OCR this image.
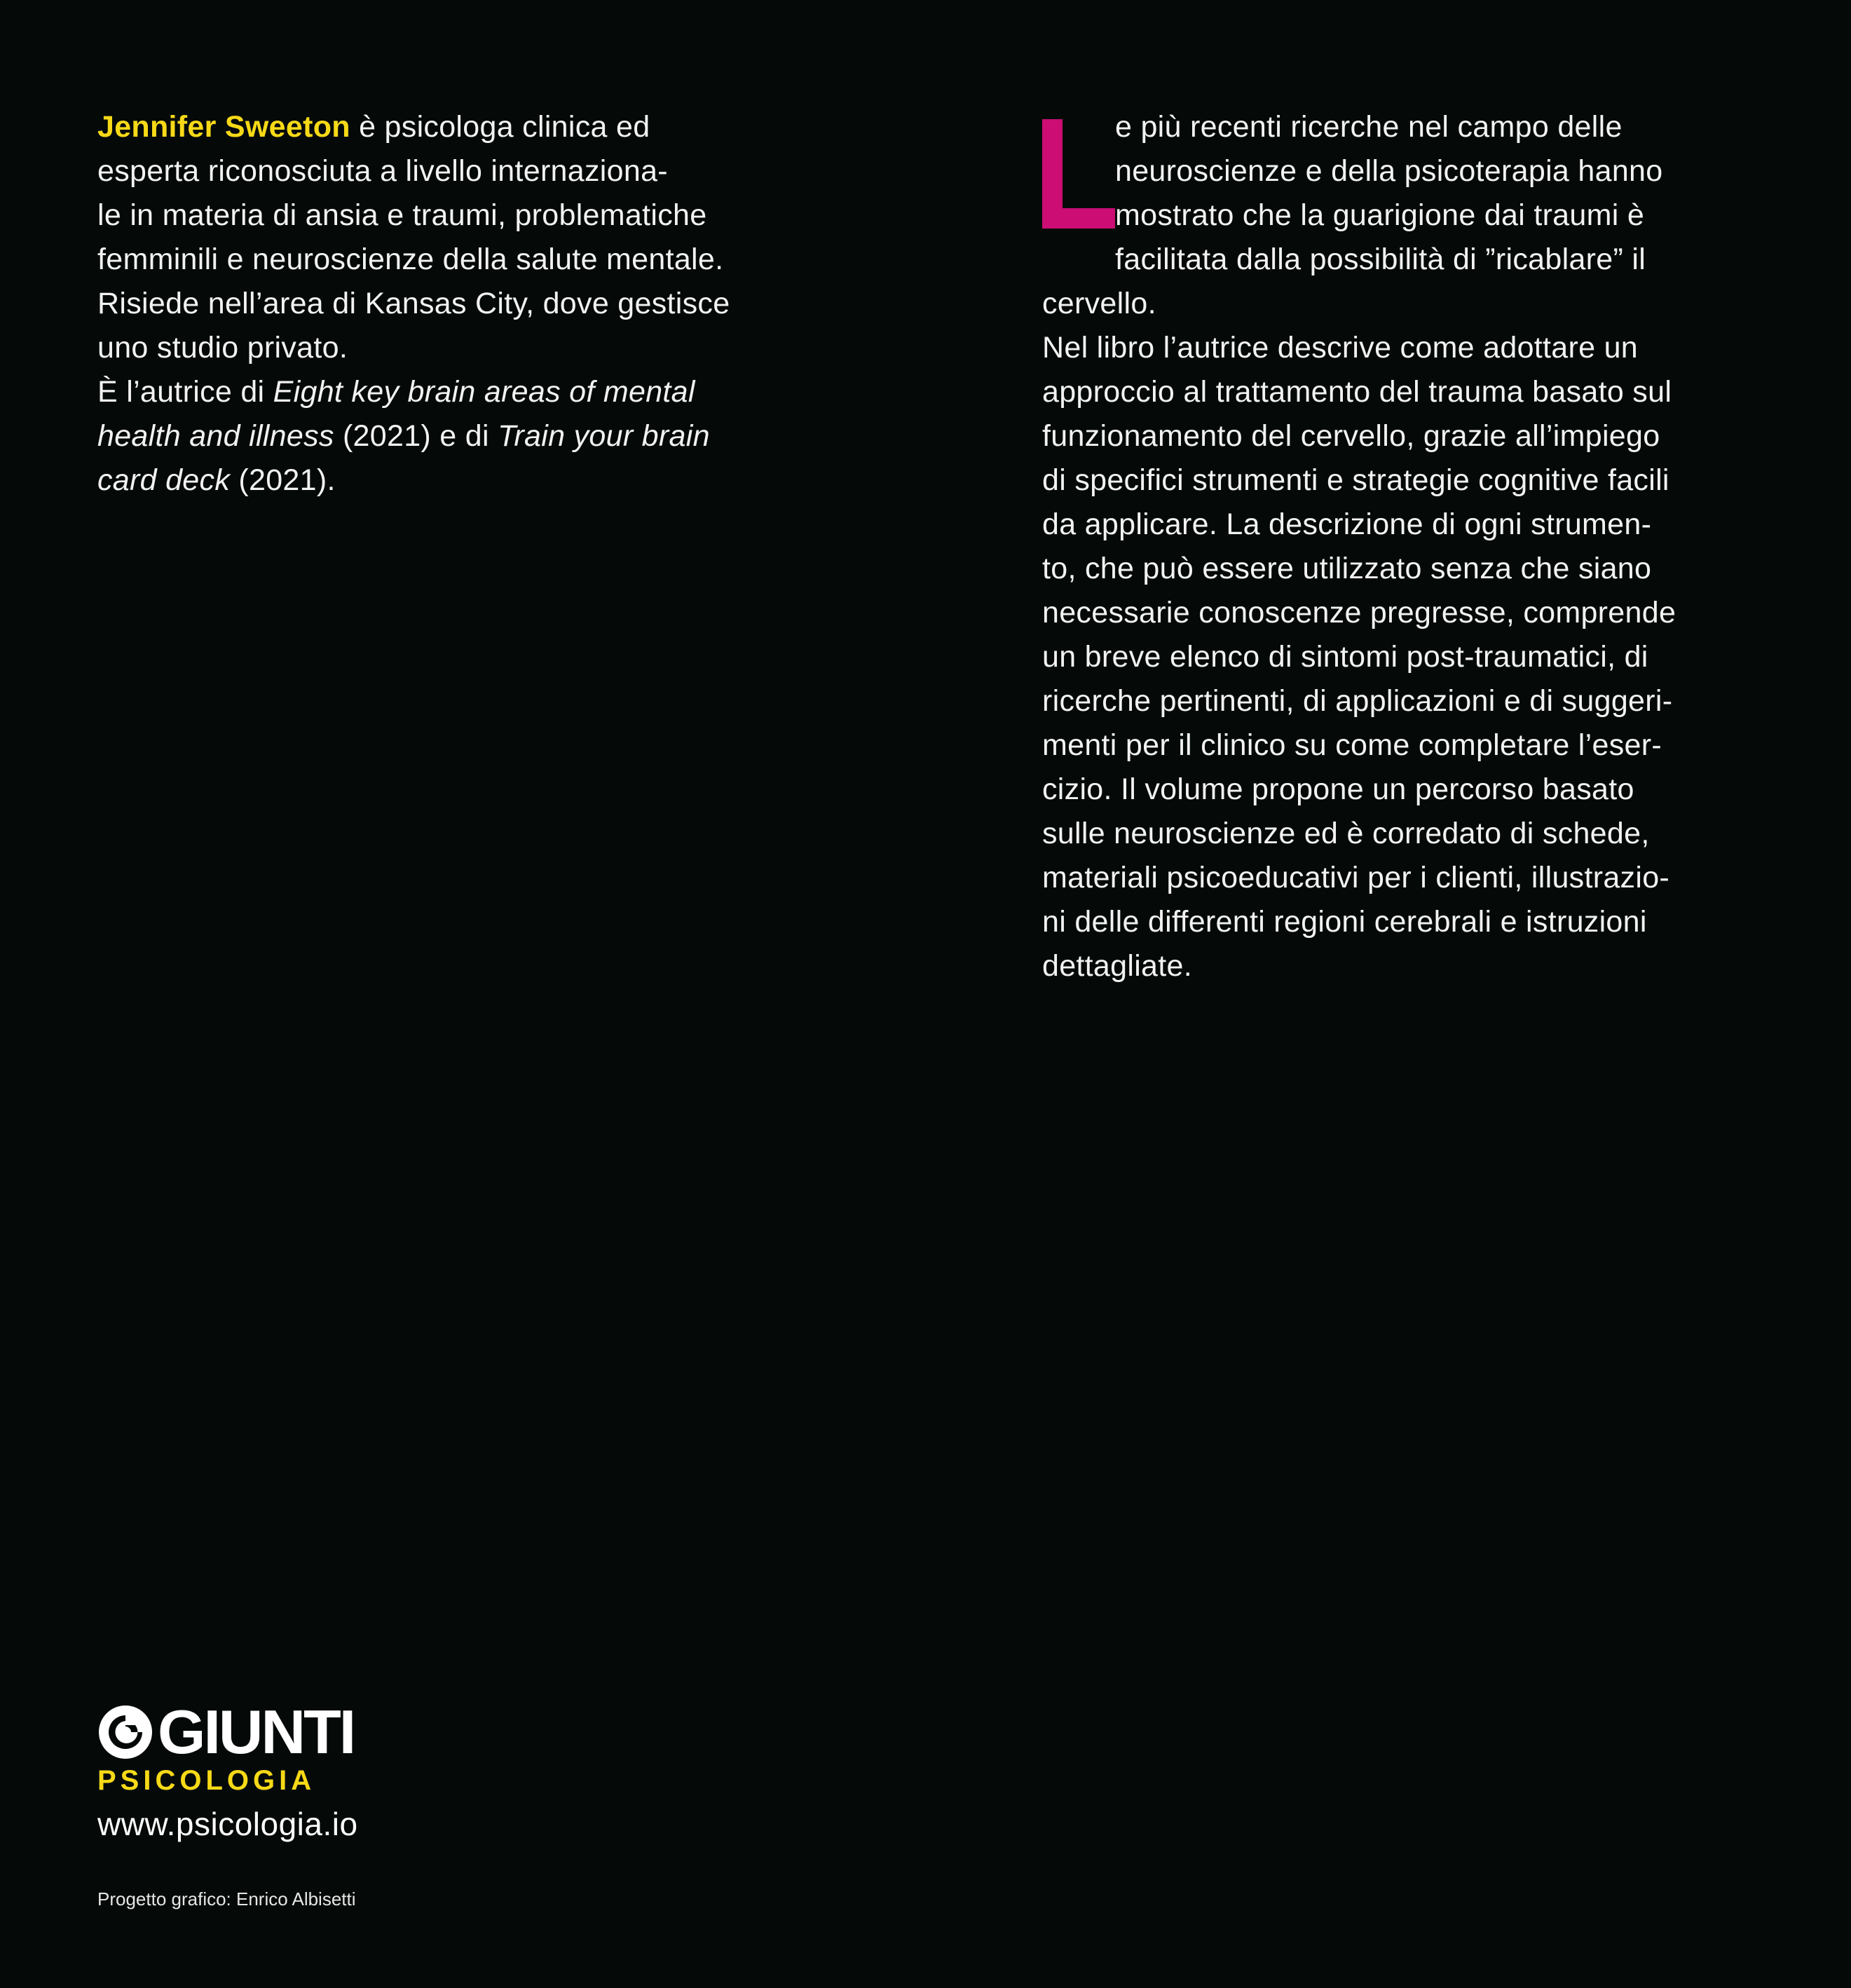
Jennifer Sweeton è psicologa clinica ed

esperta riconosciuta a livello internaziona-

le in materia di ansia e traumi, problematiche

femminili e neuroscienze della salute mentale.

Risiede nell’area di Kansas City, dove gestisce

uno studio privato.

È l’autrice di Eight key brain areas of mental

health and illness (2021) e di Train your brain

card deck (2021).

e più recenti ricerche nel campo delle

neuroscienze e della psicoterapia hanno

mostrato che la guarigione dai traumi è

facilitata dalla possibilità di ”ricablare” il cervello.

Nel libro l’autrice descrive come adottare un

approccio al trattamento del trauma basato sul

funzionamento del cervello, grazie all’impiego

di specifici strumenti e strategie cognitive facili

da applicare. La descrizione di ogni strumen-

to, che può essere utilizzato senza che siano

necessarie conoscenze pregresse, comprende

un breve elenco di sintomi post-traumatici, di

ricerche pertinenti, di applicazioni e di suggeri-

menti per il clinico su come completare l’eser-

cizio. Il volume propone un percorso basato

sulle neuroscienze ed è corredato di schede,

materiali psicoeducativi per i clienti, illustrazio-

ni delle differenti regioni cerebrali e istruzioni

dettagliate.

GIUNTI
PSICOLOGIA
www.psicologia.io
Progetto grafico: Enrico Albisetti
